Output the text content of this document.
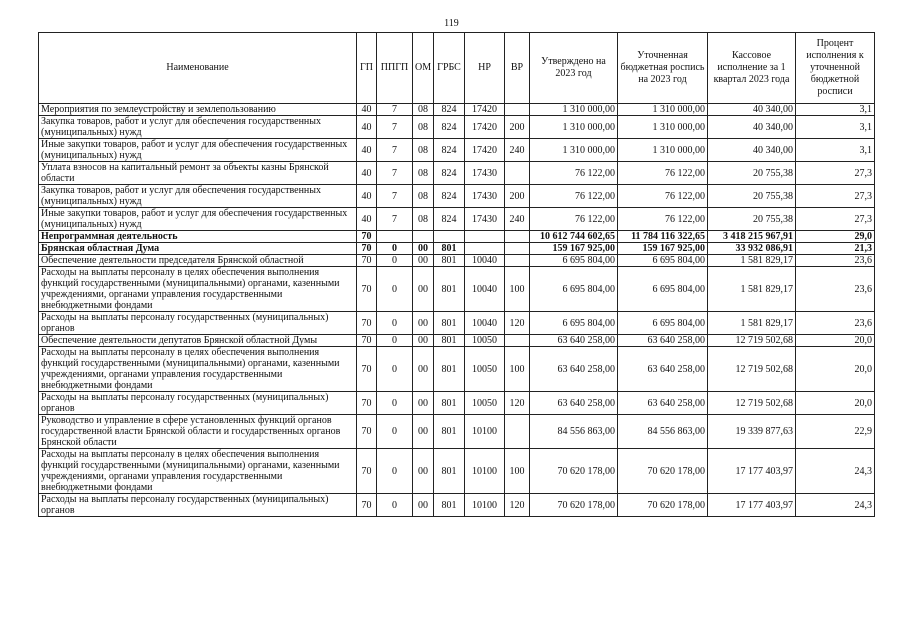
119
Наименование	ГП	ППГП	ОМ	ГРБС	НР	ВР	Утверждено на 2023 год	Уточненная бюджетная роспись на 2023 год	Кассовое исполнение за 1 квартал 2023 года	Процент исполнения к уточненной бюджетной росписи
Мероприятия по землеустройству и землепользованию	40	7	08	824	17420		1 310 000,00	1 310 000,00	40 340,00	3,1
Закупка товаров, работ и услуг для обеспечения государственных (муниципальных) нужд	40	7	08	824	17420	200	1 310 000,00	1 310 000,00	40 340,00	3,1
Иные закупки товаров, работ и услуг для обеспечения государственных (муниципальных) нужд	40	7	08	824	17420	240	1 310 000,00	1 310 000,00	40 340,00	3,1
Уплата взносов на капитальный ремонт за объекты казны Брянской области	40	7	08	824	17430		76 122,00	76 122,00	20 755,38	27,3
Закупка товаров, работ и услуг для обеспечения государственных (муниципальных) нужд	40	7	08	824	17430	200	76 122,00	76 122,00	20 755,38	27,3
Иные закупки товаров, работ и услуг для обеспечения государственных (муниципальных) нужд	40	7	08	824	17430	240	76 122,00	76 122,00	20 755,38	27,3
Непрограммная деятельность	70						10 612 744 602,65	11 784 116 322,65	3 418 215 967,91	29,0
Брянская областная Дума	70	0	00	801			159 167 925,00	159 167 925,00	33 932 086,91	21,3
Обеспечение деятельности председателя Брянской областной	70	0	00	801	10040		6 695 804,00	6 695 804,00	1 581 829,17	23,6
Расходы на выплаты персоналу в целях обеспечения выполнения функций государственными (муниципальными) органами, казенными учреждениями, органами управления государственными внебюджетными фондами	70	0	00	801	10040	100	6 695 804,00	6 695 804,00	1 581 829,17	23,6
Расходы на выплаты персоналу государственных (муниципальных) органов	70	0	00	801	10040	120	6 695 804,00	6 695 804,00	1 581 829,17	23,6
Обеспечение деятельности депутатов Брянской областной Думы	70	0	00	801	10050		63 640 258,00	63 640 258,00	12 719 502,68	20,0
Расходы на выплаты персоналу в целях обеспечения выполнения функций государственными (муниципальными) органами, казенными учреждениями, органами управления государственными внебюджетными фондами	70	0	00	801	10050	100	63 640 258,00	63 640 258,00	12 719 502,68	20,0
Расходы на выплаты персоналу государственных (муниципальных) органов	70	0	00	801	10050	120	63 640 258,00	63 640 258,00	12 719 502,68	20,0
Руководство и управление в сфере установленных функций органов государственной власти Брянской области и государственных органов Брянской области	70	0	00	801	10100		84 556 863,00	84 556 863,00	19 339 877,63	22,9
Расходы на выплаты персоналу в целях обеспечения выполнения функций государственными (муниципальными) органами, казенными учреждениями, органами управления государственными внебюджетными фондами	70	0	00	801	10100	100	70 620 178,00	70 620 178,00	17 177 403,97	24,3
Расходы на выплаты персоналу государственных (муниципальных) органов	70	0	00	801	10100	120	70 620 178,00	70 620 178,00	17 177 403,97	24,3
